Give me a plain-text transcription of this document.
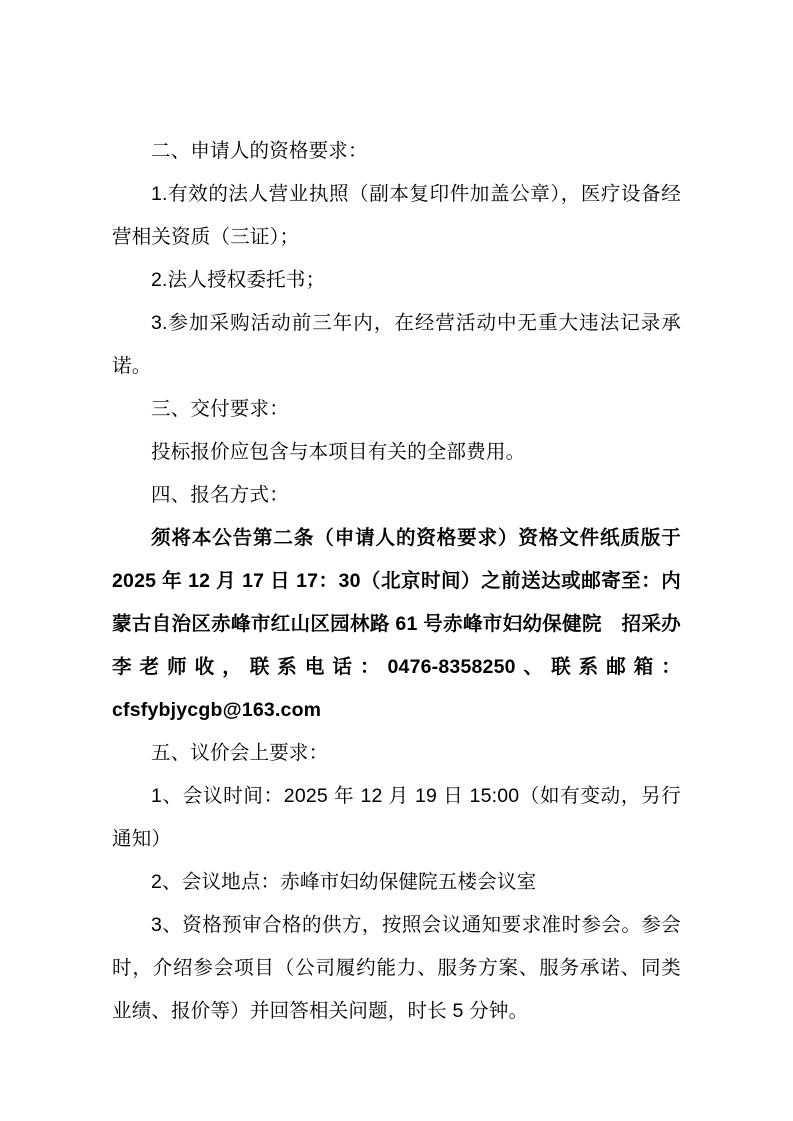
二、申请人的资格要求：

1.有效的法人营业执照（副本复印件加盖公章），医疗设备经营相关资质（三证）；

2.法人授权委托书；

3.参加采购活动前三年内，在经营活动中无重大违法记录承诺。

三、交付要求：

投标报价应包含与本项目有关的全部费用。

四、报名方式：

须将本公告第二条（申请人的资格要求）资格文件纸质版于 2025 年 12 月 17 日 17：30（北京时间）之前送达或邮寄至：内蒙古自治区赤峰市红山区园林路 61 号赤峰市妇幼保健院　招采办李老师收，联系电话：0476-8358250、联系邮箱：cfsfybjycgb@163.com

五、议价会上要求：

1、会议时间：2025 年 12 月 19 日 15:00（如有变动，另行通知）

2、会议地点：赤峰市妇幼保健院五楼会议室

3、资格预审合格的供方，按照会议通知要求准时参会。参会时，介绍参会项目（公司履约能力、服务方案、服务承诺、同类业绩、报价等）并回答相关问题，时长 5 分钟。
